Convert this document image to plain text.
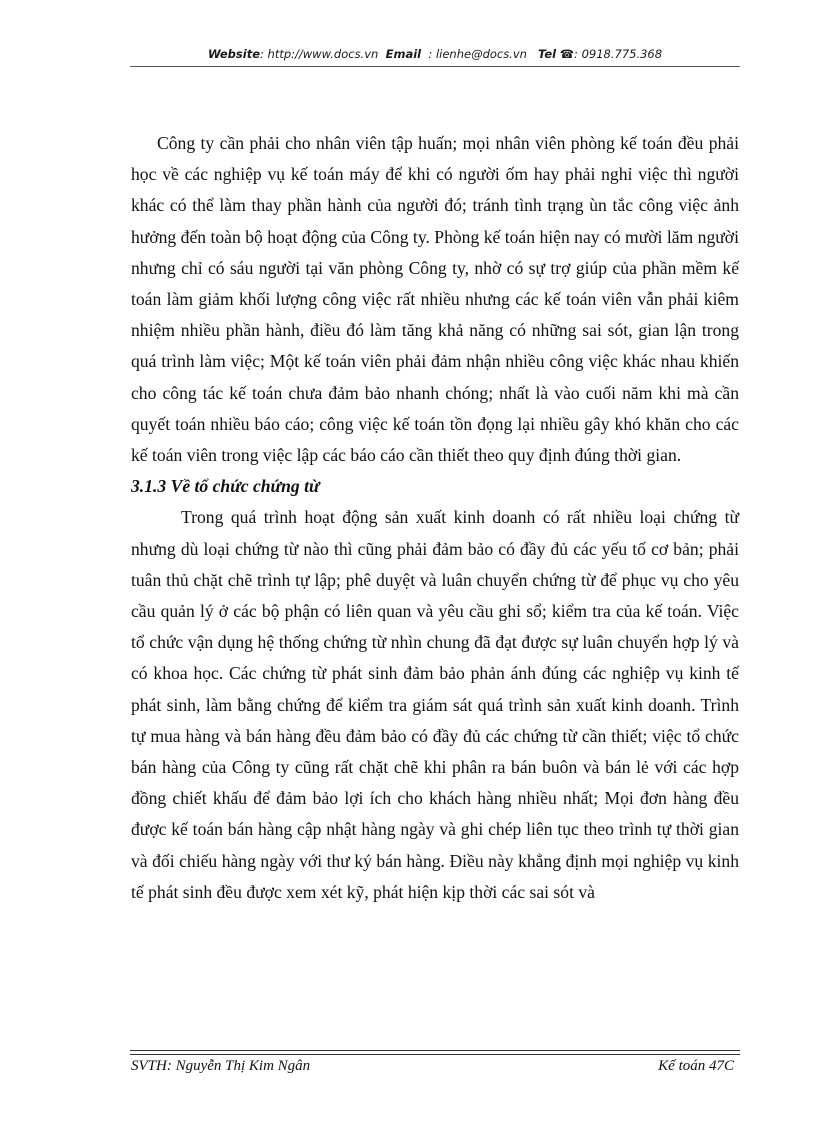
Website: http://www.docs.vn Email : lienhe@docs.vn Tel ☎: 0918.775.368

Công ty cần phải cho nhân viên tập huấn; mọi nhân viên phòng kế toán đều phải học về các nghiệp vụ kế toán máy để khi có người ốm hay phải nghỉ việc thì người khác có thể làm thay phần hành của người đó; tránh tình trạng ùn tắc công việc ảnh hưởng đến toàn bộ hoạt động của Công ty. Phòng kế toán hiện nay có mười lăm người nhưng chỉ có sáu người tại văn phòng Công ty, nhờ có sự trợ giúp của phần mềm kế toán làm giảm khối lượng công việc rất nhiều nhưng các kế toán viên vẫn phải kiêm nhiệm nhiều phần hành, điều đó làm tăng khả năng có những sai sót, gian lận trong quá trình làm việc; Một kế toán viên phải đảm nhận nhiều công việc khác nhau khiến cho công tác kế toán chưa đảm bảo nhanh chóng; nhất là vào cuối năm khi mà cần quyết toán nhiều báo cáo; công việc kế toán tồn đọng lại nhiều gây khó khăn cho các kế toán viên trong việc lập các báo cáo cần thiết theo quy định đúng thời gian.

3.1.3 Về tổ chức chứng từ

Trong quá trình hoạt động sản xuất kinh doanh có rất nhiều loại chứng từ nhưng dù loại chứng từ nào thì cũng phải đảm bảo có đầy đủ các yếu tố cơ bản; phải tuân thủ chặt chẽ trình tự lập; phê duyệt và luân chuyển chứng từ để phục vụ cho yêu cầu quản lý ở các bộ phận có liên quan và yêu cầu ghi sổ; kiểm tra của kế toán. Việc tổ chức vận dụng hệ thống chứng từ nhìn chung đã đạt được sự luân chuyển hợp lý và có khoa học. Các chứng từ phát sinh đảm bảo phản ánh đúng các nghiệp vụ kinh tế phát sinh, làm bằng chứng để kiểm tra giám sát quá trình sản xuất kinh doanh. Trình tự mua hàng và bán hàng đều đảm bảo có đầy đủ các chứng từ cần thiết; việc tổ chức bán hàng của Công ty cũng rất chặt chẽ khi phân ra bán buôn và bán lẻ với các hợp đồng chiết khấu để đảm bảo lợi ích cho khách hàng nhiều nhất; Mọi đơn hàng đều được kế toán bán hàng cập nhật hàng ngày và ghi chép liên tục theo trình tự thời gian và đối chiếu hàng ngày với thư ký bán hàng. Điều này khẳng định mọi nghiệp vụ kinh tế phát sinh đều được xem xét kỹ, phát hiện kịp thời các sai sót và

SVTH: Nguyễn Thị Kim Ngân	Kế toán 47C
